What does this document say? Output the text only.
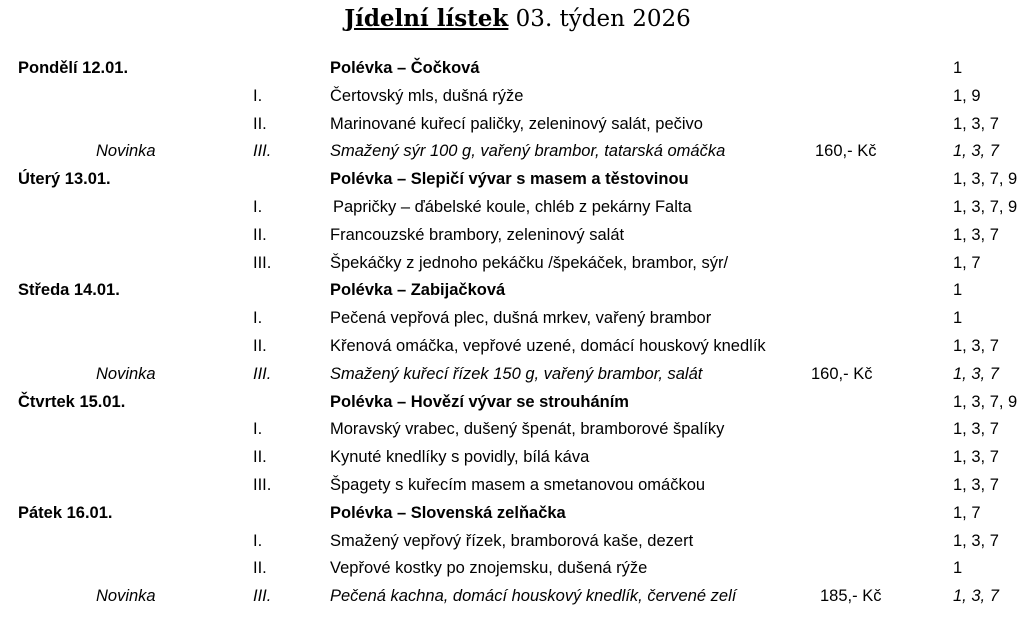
Jídelní lístek 03. týden 2026
Pondělí 12.01.	Polévka – Čočková	1
I.	Čertovský mls, dušná rýže	1, 9
II.	Marinované kuřecí paličky, zeleninový salát, pečivo	1, 3, 7
Novinka	III.	Smažený sýr 100 g, vařený brambor, tatarská omáčka	160,- Kč	1, 3, 7
Úterý 13.01.	Polévka – Slepičí vývar s masem a těstovinou	1, 3, 7, 9
I.	Papričky – ďábelské koule, chléb z pekárny Falta	1, 3, 7, 9
II.	Francouzské brambory, zeleninový salát	1, 3, 7
III.	Špekáčky z jednoho pekáčku /špekáček, brambor, sýr/	1, 7
Středa 14.01.	Polévka – Zabijačková	1
I.	Pečená vepřová plec, dušná mrkev, vařený brambor	1
II.	Křenová omáčka, vepřové uzené, domácí houskový knedlík	1, 3, 7
Novinka	III.	Smažený kuřecí řízek 150 g, vařený brambor, salát	160,- Kč	1, 3, 7
Čtvrtek 15.01.	Polévka – Hovězí vývar se strouháním	1, 3, 7, 9
I.	Moravský vrabec, dušený špenát, bramborové špalíky	1, 3, 7
II.	Kynuté knedlíky s povidly, bílá káva	1, 3, 7
III.	Špagety s kuřecím masem a smetanovou omáčkou	1, 3, 7
Pátek 16.01.	Polévka – Slovenská zelňačka	1, 7
I.	Smažený vepřový řízek, bramborová kaše, dezert	1, 3, 7
II.	Vepřové kostky po znojemsku, dušená rýže	1
Novinka	III.	Pečená kachna, domácí houskový knedlík, červené zelí	185,- Kč	1, 3, 7
